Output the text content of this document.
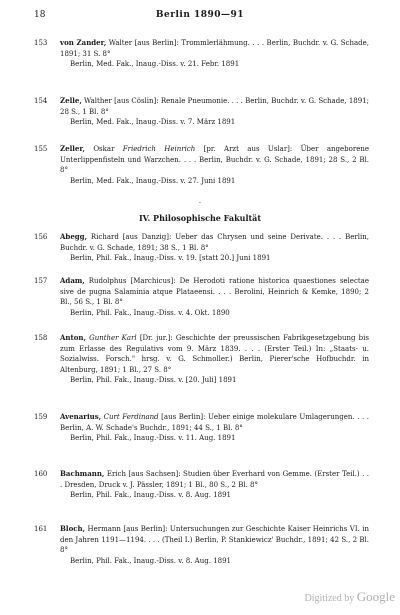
18	Berlin 1890—91
153	von Zander, Walter [aus Berlin]: Trommlerlähmung. . . . Berlin, Buchdr. v. G. Schade, 1891; 31 S. 8°
Berlin, Med. Fak., Inaug.-Diss. v. 21. Febr. 1891
154	Zelle, Walther [aus Cöslin]: Renale Pneumonie. . . . Berlin, Buchdr. v. G. Schade, 1891; 28 S., 1 Bl. 8°
Berlin, Med. Fak., Inaug.-Diss. v. 7. März 1891
155	Zeller, Oskar Friedrich Heinrich [pr. Arzt aus Uslar]: Über angeborene Unterlippenfisteln und Warzchen. . . . Berlin, Buchdr. v. G. Schade, 1891; 28 S., 2 Bl. 8°
Berlin, Med. Fak., Inaug.-Diss. v. 27. Juni 1891
·
IV. Philosophische Fakultät
156	Abegg, Richard [aus Danzig]: Ueber das Chrysen und seine Derivate. . . . Berlin, Buchdr. v. G. Schade, 1891; 38 S., 1 Bl. 8°
Berlin, Phil. Fak., Inaug.-Diss. v. 19. [statt 20.] Juni 1891
157	Adam, Rudolphus [Marchicus]: De Herodoti ratione historica quaestiones selectae sive de pugna Salaminia atque Plataeensi. . . . Berolini, Heinrich & Kemke, 1890; 2 Bl., 56 S., 1 Bl. 8°
Berlin, Phil. Fak., Inaug.-Diss. v. 4. Okt. 1890
158	Anton, Gunther Karl [Dr. jur.]: Geschichte der preussischen Fabrikgesetzgebung bis zum Erlasse des Regulativs vom 9. März 1839. . . . (Erster Teil.) In: „Staats- u. Sozialwiss. Forsch." hrsg. v. G. Schmoller.) Berlin, Pierer'sche Hofbuchdr. in Altenburg, 1891; 1 Bl., 27 S. 8°
Berlin, Phil. Fak., Inaug.-Diss. v. [20. Juli] 1891
159	Avenarius, Curt Ferdinand [aus Berlin]: Ueber einige molekulare Umlagerungen. . . . Berlin, A. W. Schade's Buchdr., 1891; 44 S., 1 Bl. 8°
Berlin, Phil. Fak., Inaug.-Diss. v. 11. Aug. 1891
160	Bachmann, Erich [aus Sachsen]: Studien über Everhard von Gemme. (Erster Teil.) . . . Dresden, Druck v. J. Pässler, 1891; 1 Bl., 80 S., 2 Bl. 8°
Berlin, Phil. Fak., Inaug.-Diss. v. 8. Aug. 1891
161	Bloch, Hermann [aus Berlin]: Untersuchungen zur Geschichte Kaiser Heinrichs VI. in den Jahren 1191—1194. . . . (Theil I.) Berlin, P. Stankiewicz' Buchdr., 1891; 42 S., 2 Bl. 8°
Berlin, Phil. Fak., Inaug.-Diss. v. 8. Aug. 1891
Digitized by Google
